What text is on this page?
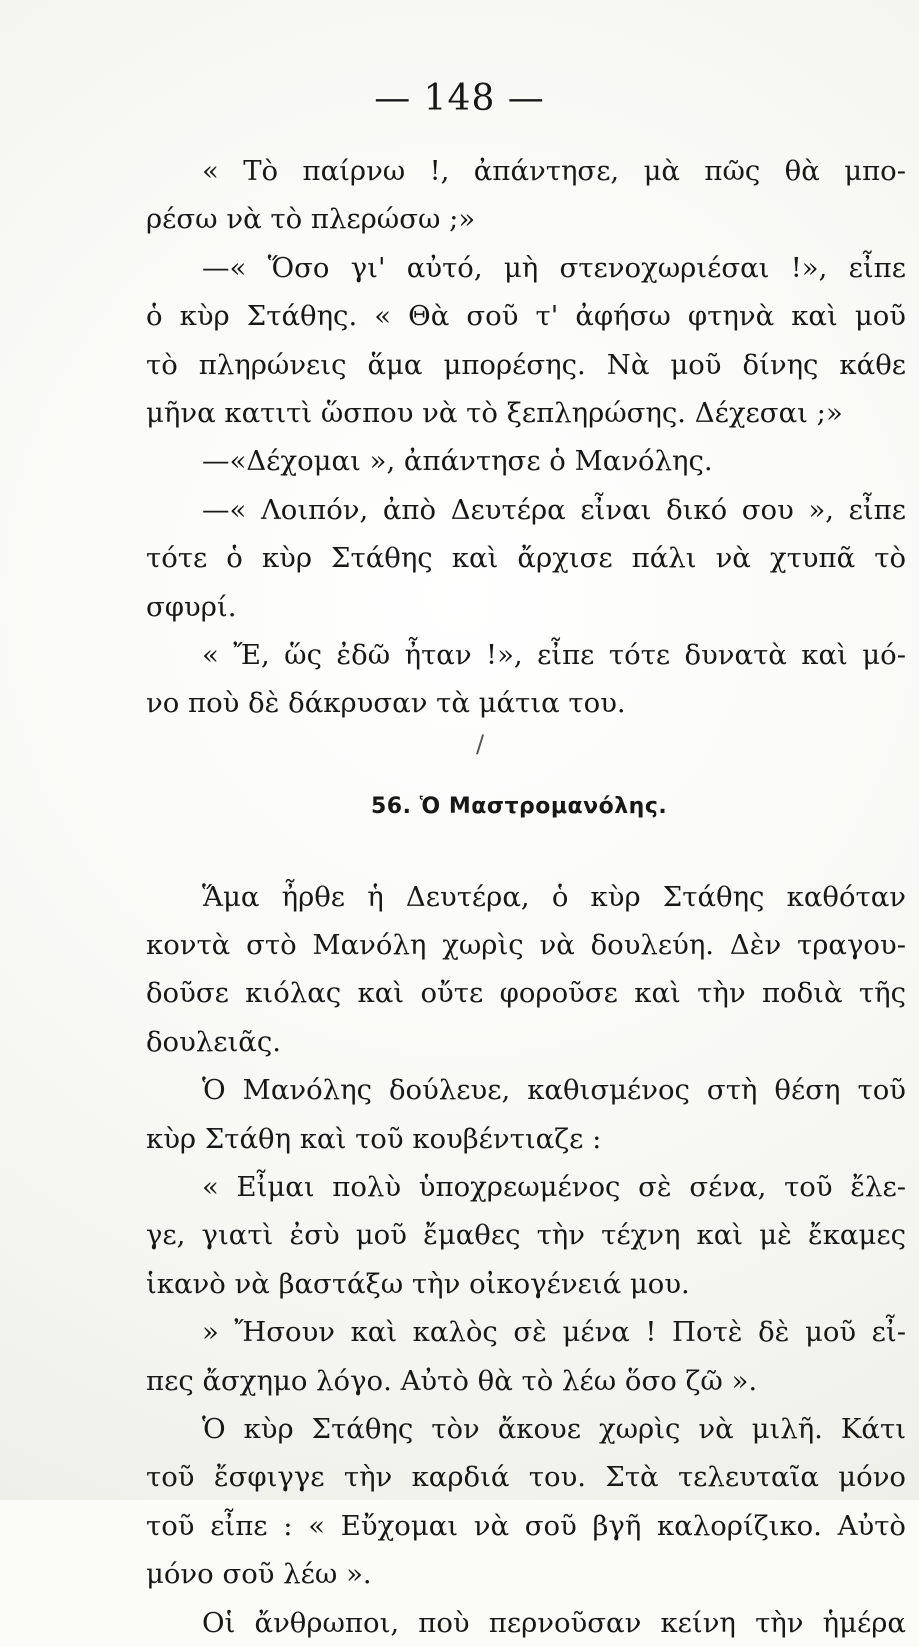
— 148 —
« Τὸ παίρνω !, ἀπάντησε, μὰ πῶς θὰ μπο-
ρέσω νὰ τὸ πλερώσω ;»
—« Ὅσο γι' αὐτό, μὴ στενοχωριέσαι !», εἶπε
ὁ κὺρ Στάθης. « Θὰ σοῦ τ' ἀφήσω φτηνὰ καὶ μοῦ
τὸ πληρώνεις ἅμα μπορέσης. Νὰ μοῦ δίνης κάθε
μῆνα κατιτὶ ὥσπου νὰ τὸ ξεπληρώσης. Δέχεσαι ;»
—«Δέχομαι », ἀπάντησε ὁ Μανόλης.
—« Λοιπόν, ἀπὸ Δευτέρα εἶναι δικό σου », εἶπε
τότε ὁ κὺρ Στάθης καὶ ἄρχισε πάλι νὰ χτυπᾶ τὸ
σφυρί.
« Ἔ, ὥς ἐδῶ ἦταν !», εἶπε τότε δυνατὰ καὶ μό-
νο ποὺ δὲ δάκρυσαν τὰ μάτια του.
/
56. Ὁ Μαστρομανόλης.
Ἅμα ἦρθε ἡ Δευτέρα, ὁ κὺρ Στάθης καθόταν
κοντὰ στὸ Μανόλη χωρὶς νὰ δουλεύη. Δὲν τραγου-
δοῦσε κιόλας καὶ οὔτε φοροῦσε καὶ τὴν ποδιὰ τῆς
δουλειᾶς.
Ὁ Μανόλης δούλευε, καθισμένος στὴ θέση τοῦ
κὺρ Στάθη καὶ τοῦ κουβέντιαζε :
« Εἶμαι πολὺ ὑποχρεωμένος σὲ σένα, τοῦ ἔλε-
γε, γιατὶ ἐσὺ μοῦ ἔμαθες τὴν τέχνη καὶ μὲ ἔκαμες
ἱκανὸ νὰ βαστάξω τὴν οἰκογένειά μου.
» Ἤσουν καὶ καλὸς σὲ μένα ! Ποτὲ δὲ μοῦ εἶ-
πες ἄσχημο λόγο. Αὐτὸ θὰ τὸ λέω ὅσο ζῶ ».
Ὁ κὺρ Στάθης τὸν ἄκουε χωρὶς νὰ μιλῆ. Κάτι
τοῦ ἔσφιγγε τὴν καρδιά του. Στὰ τελευταῖα μόνο
τοῦ εἶπε : « Εὔχομαι νὰ σοῦ βγῆ καλορίζικο. Αὐτὸ
μόνο σοῦ λέω ».
Οἱ ἄνθρωποι, ποὺ περνοῦσαν κείνη τὴν ἡμέρα
